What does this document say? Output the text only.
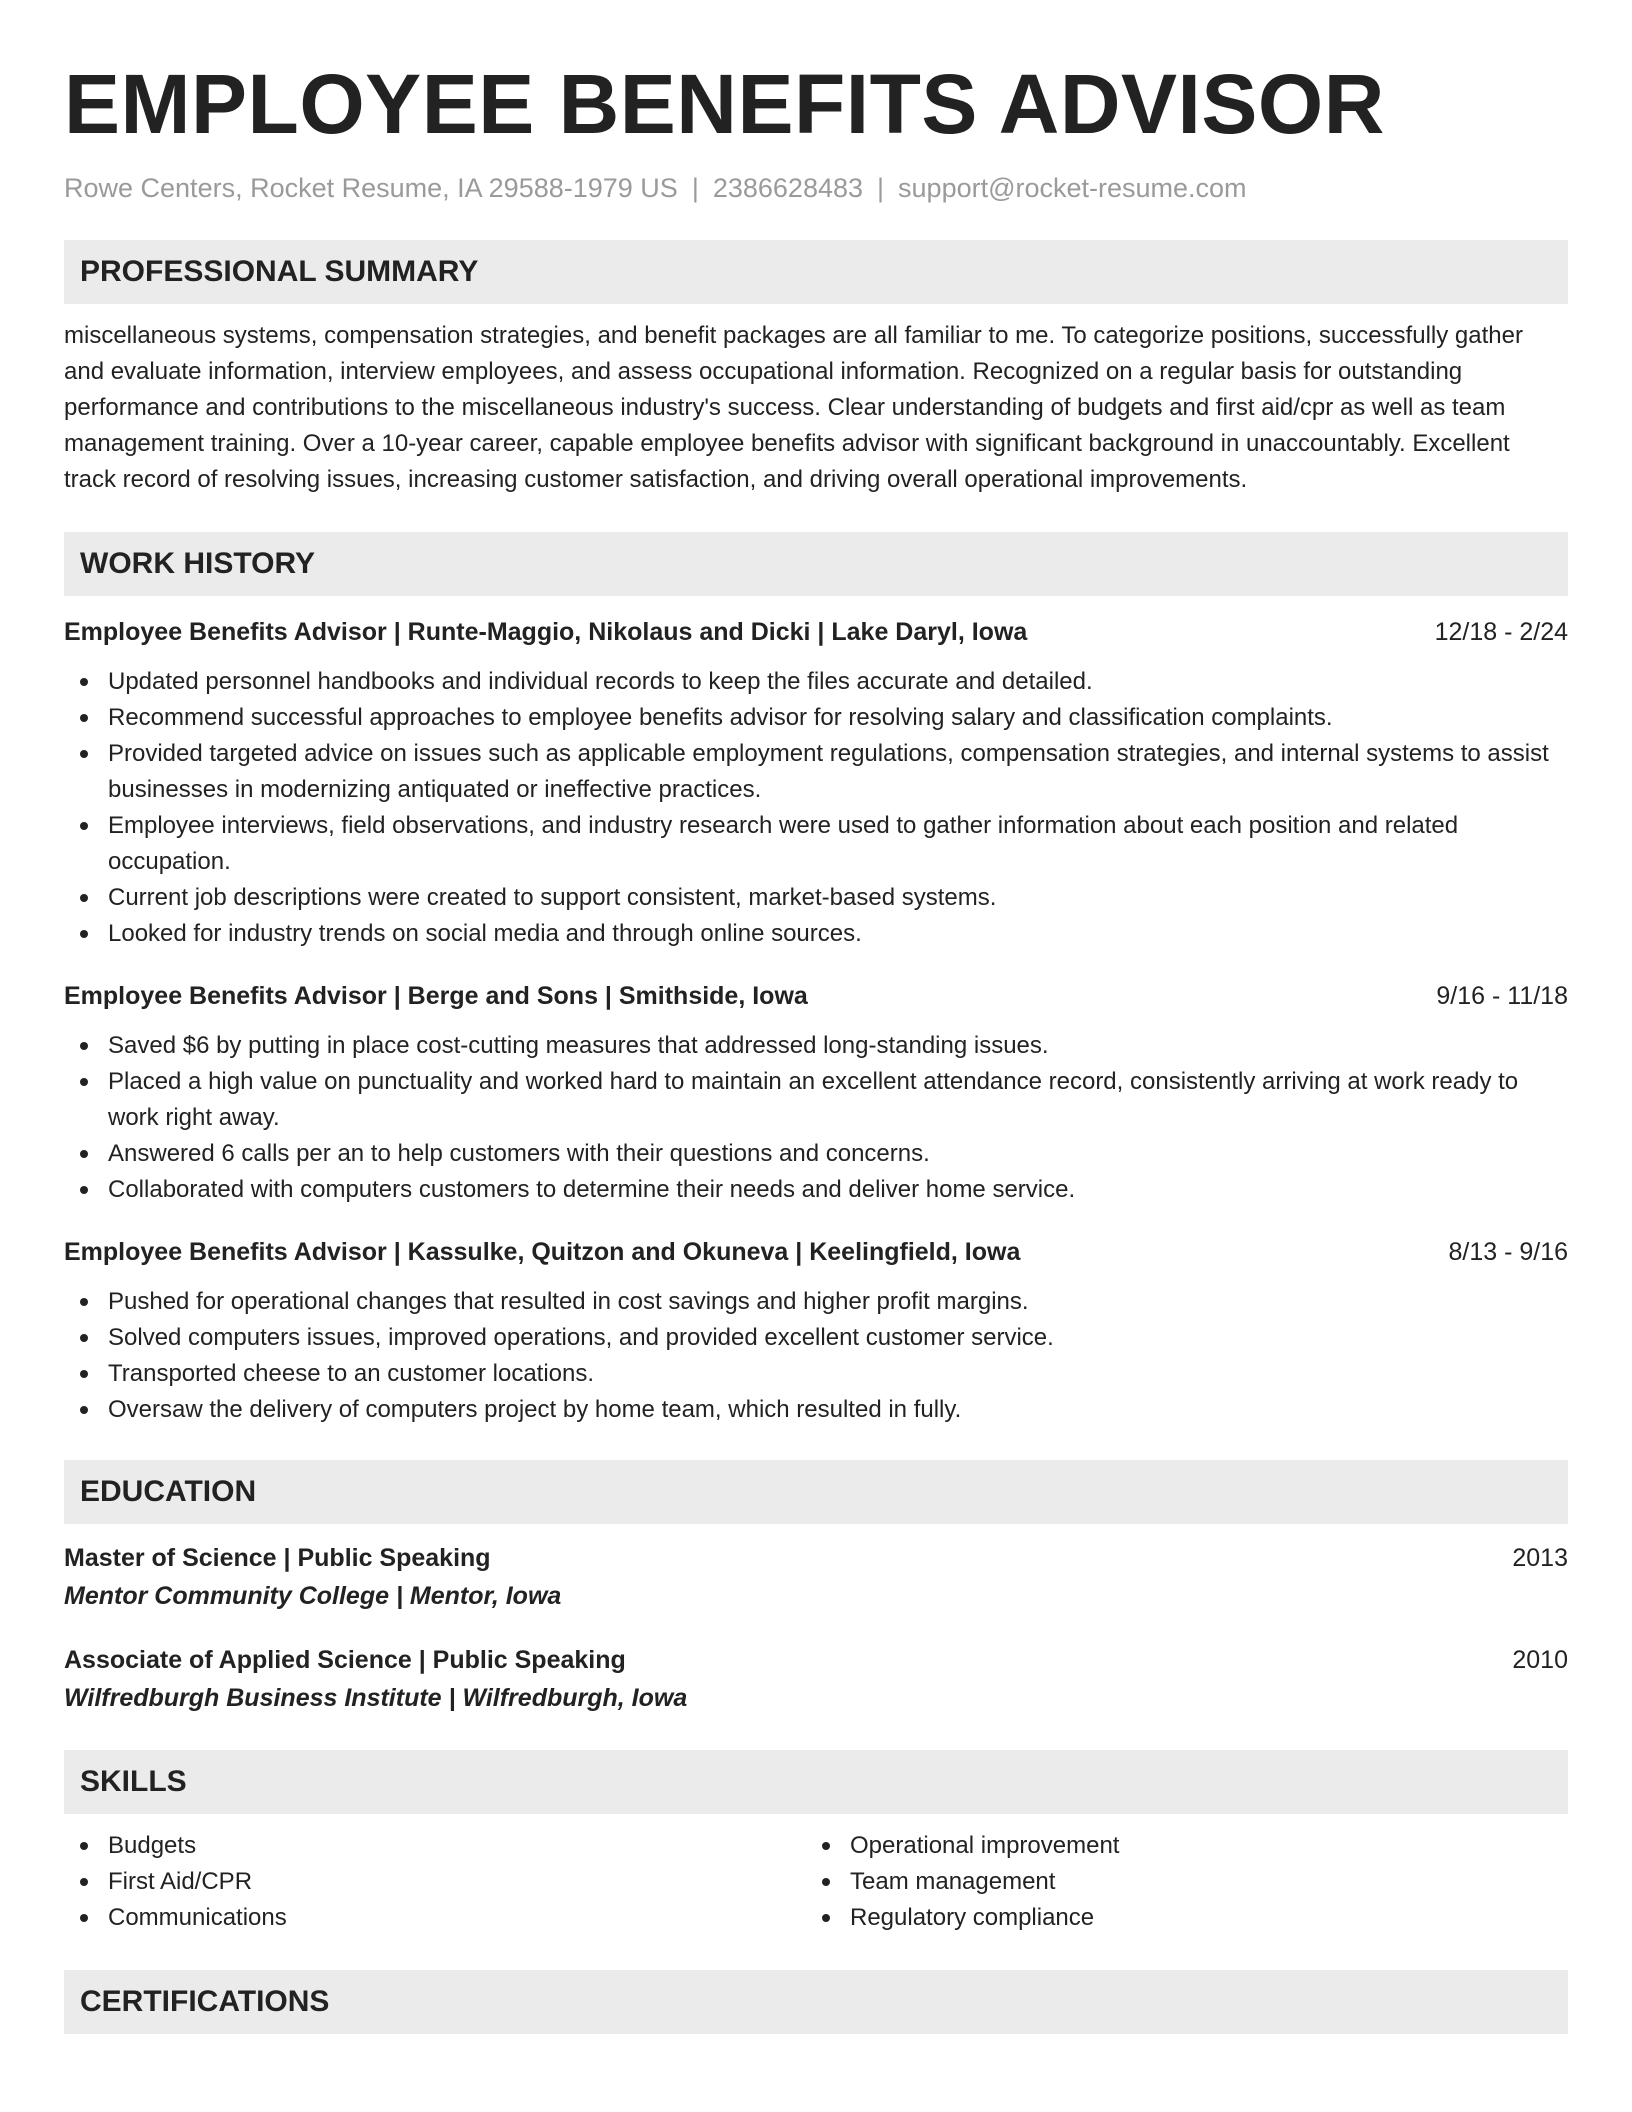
EMPLOYEE BENEFITS ADVISOR
Rowe Centers, Rocket Resume, IA 29588-1979 US | 2386628483 | support@rocket-resume.com
PROFESSIONAL SUMMARY

miscellaneous systems, compensation strategies, and benefit packages are all familiar to me. To categorize positions, successfully gather and evaluate information, interview employees, and assess occupational information. Recognized on a regular basis for outstanding performance and contributions to the miscellaneous industry's success. Clear understanding of budgets and first aid/cpr as well as team management training. Over a 10-year career, capable employee benefits advisor with significant background in unaccountably. Excellent track record of resolving issues, increasing customer satisfaction, and driving overall operational improvements.

WORK HISTORY
Employee Benefits Advisor | Runte-Maggio, Nikolaus and Dicki | Lake Daryl, Iowa	12/18 - 2/24
Updated personnel handbooks and individual records to keep the files accurate and detailed.
Recommend successful approaches to employee benefits advisor for resolving salary and classification complaints.
Provided targeted advice on issues such as applicable employment regulations, compensation strategies, and internal systems to assist businesses in modernizing antiquated or ineffective practices.
Employee interviews, field observations, and industry research were used to gather information about each position and related occupation.
Current job descriptions were created to support consistent, market-based systems.
Looked for industry trends on social media and through online sources.
Employee Benefits Advisor | Berge and Sons | Smithside, Iowa	9/16 - 11/18
Saved $6 by putting in place cost-cutting measures that addressed long-standing issues.
Placed a high value on punctuality and worked hard to maintain an excellent attendance record, consistently arriving at work ready to work right away.
Answered 6 calls per an to help customers with their questions and concerns.
Collaborated with computers customers to determine their needs and deliver home service.
Employee Benefits Advisor | Kassulke, Quitzon and Okuneva | Keelingfield, Iowa	8/13 - 9/16
Pushed for operational changes that resulted in cost savings and higher profit margins.
Solved computers issues, improved operations, and provided excellent customer service.
Transported cheese to an customer locations.
Oversaw the delivery of computers project by home team, which resulted in fully.
EDUCATION
Master of Science | Public Speaking	2013
Mentor Community College | Mentor, Iowa
Associate of Applied Science | Public Speaking	2010
Wilfredburgh Business Institute | Wilfredburgh, Iowa
SKILLS
Budgets
First Aid/CPR
Communications
Operational improvement
Team management
Regulatory compliance
CERTIFICATIONS
